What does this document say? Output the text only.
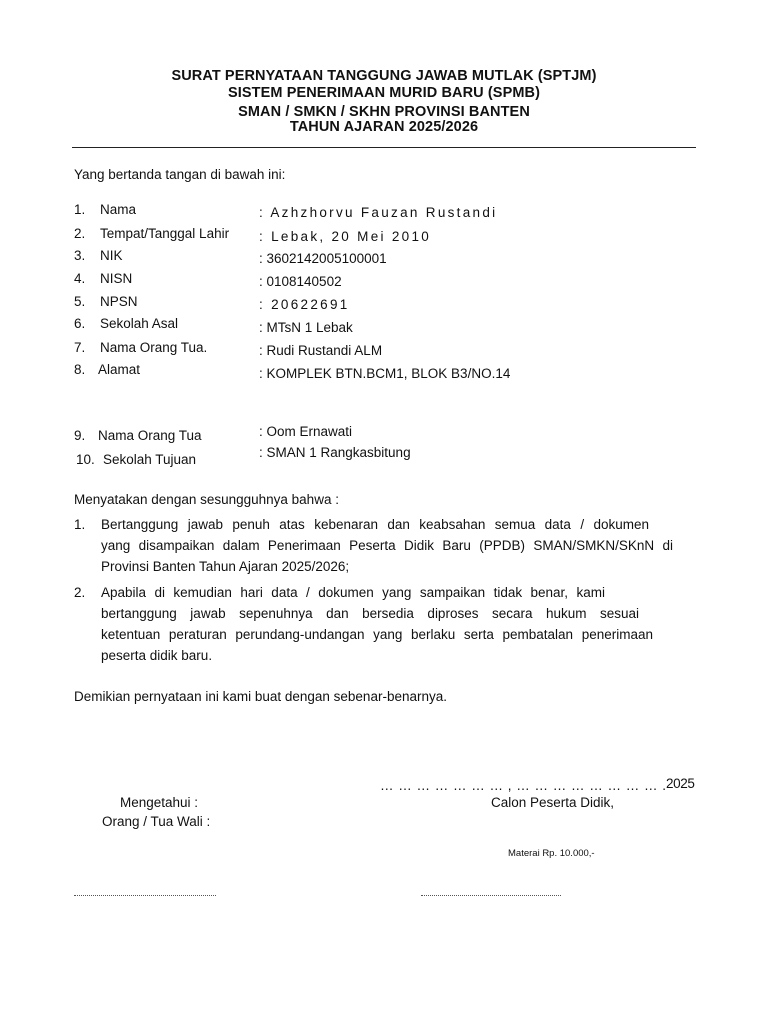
SURAT PERNYATAAN TANGGUNG JAWAB MUTLAK (SPTJM)
SISTEM PENERIMAAN MURID BARU (SPMB)
SMAN / SMKN / SKHN PROVINSI BANTEN
TAHUN AJARAN 2025/2026
Yang bertanda tangan di bawah ini:
1. Nama	: Azhzhorvu Fauzan Rustandi
2. Tempat/Tanggal Lahir : Lebak, 20 Mei 2010
3. NIK	: 3602142005100001
4. NISN	: 0108140502
5. NPSN	: 20622691
6. Sekolah Asal	: MTsN 1 Lebak
7. Nama Orang Tua.	: Rudi Rustandi ALM
8. Alamat	: KOMPLEK BTN.BCM1, BLOK B3/NO.14
9. Nama Orang Tua	: Oom Ernawati
10. Sekolah Tujuan	: SMAN 1 Rangkasbitung
Menyatakan dengan sesungguhnya bahwa :
1. Bertanggung jawab penuh atas kebenaran dan keabsahan semua data / dokumen
yang disampaikan dalam Penerimaan Peserta Didik Baru (PPDB) SMAN/SMKN/SKnN di
Provinsi Banten Tahun Ajaran 2025/2026;
2. Apabila di kemudian hari data / dokumen yang sampaikan tidak benar, kami
bertanggung jawab sepenuhnya dan bersedia diproses secara hukum sesuai
ketentuan peraturan perundang-undangan yang berlaku serta pembatalan penerimaan
peserta didik baru.
Demikian pernyataan ini kami buat dengan sebenar-benarnya.
… … … … … … … , … … … … … … … … . 2025
Mengetahui :
Orang / Tua Wali :
Calon Peserta Didik,
Materai Rp. 10.000,-
